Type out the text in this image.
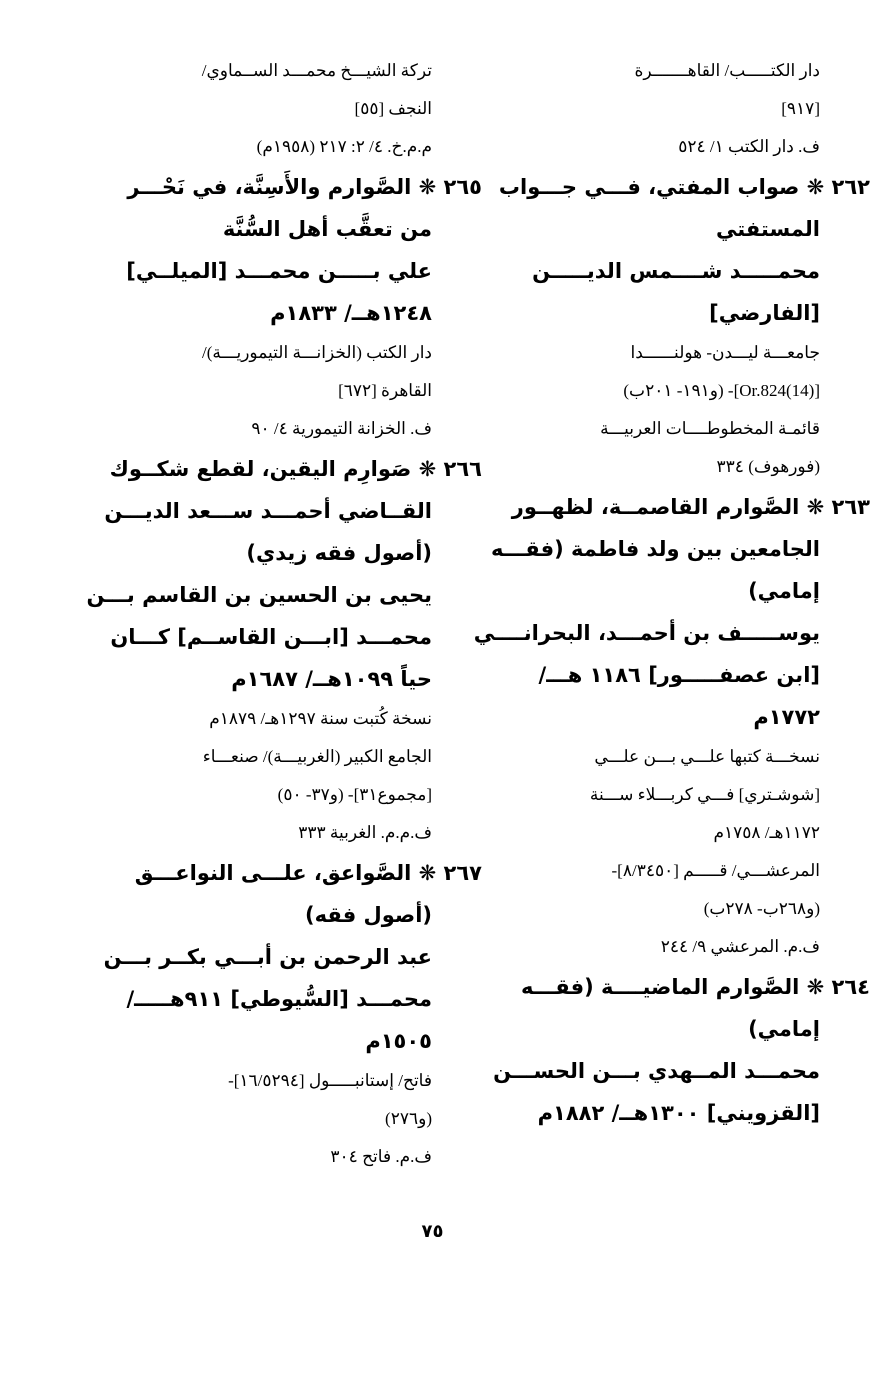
دار الكتـــــب/ القاهـــــــرة
[٩١٧]
ف. دار الكتب ١/ ٥٢٤
٢٦٢ ❋ صواب المفتي، فـــي جـــواب
المستفتي
محمـــــد شــــمس الديـــــن
[الفارضي]
جامعـــة ليـــدن- هولنــــــدا
[Or.824(14)]- (و١٩١- ٢٠١ب)
قائمـة المخطوطــــات العربيـــة
(فورهوف) ٣٣٤
٢٦٣ ❋ الصَّوارم القاصمــة، لظهــور
الجامعين بين ولد فاطمة (فقـــه
إمامي)
يوســـــف بن أحمـــد، البحرانــــي
[ابن عصفـــــور] ١١٨٦ هـــ/
١٧٧٢م
نسخـــة كتبها علـــي بـــن علـــي
[شوشـتري] فـــي كربـــلاء ســـنة
١١٧٢هـ/ ١٧٥٨م
المرعشـــي/ قـــــم [٨/٣٤٥٠]-
(و٢٦٨ب- ٢٧٨ب)
ف.م. المرعشي ٩/ ٢٤٤
٢٦٤ ❋ الصَّوارم الماضيــــة (فقـــه
إمامي)
محمـــد المــهدي بـــن الحســـن
[القزويني] ١٣٠٠هــ/ ١٨٨٢م
تركة الشيـــخ محمـــد الســماوي/
النجف [٥٥]
م.م.خ. ٤/ ٢: ٢١٧ (١٩٥٨م)
٢٦٥ ❋ الصَّوارم والأَسِنَّة، في نَحْـــر
من تعقَّب أهل السُّنَّة
علي بـــــن محمـــد [الميلــي]
١٢٤٨هــ/ ١٨٣٣م
دار الكتب (الخزانـــة التيموريـــة)/
القاهرة [٦٧٢]
ف. الخزانة التيمورية ٤/ ٩٠
٢٦٦ ❋ صَوارِم اليقين، لقطع شكــوك
القــاضي أحمـــد ســـعد الديـــن
(أصول فقه زيدي)
يحيى بن الحسين بن القاسم بـــن
محمـــد [ابـــن القاســم] كـــان
حياً ١٠٩٩هــ/ ١٦٨٧م
نسخة كُتبت سنة ١٢٩٧هـ/ ١٨٧٩م
الجامع الكبير (الغربيـــة)/ صنعـــاء
[مجموع٣١]- (و٣٧- ٥٠)
ف.م.م. الغربية ٣٣٣
٢٦٧ ❋ الصَّواعق، علـــى النواعـــق
(أصول فقه)
عبد الرحمن بن أبـــي بكــر بـــن
محمـــد [السُّيوطي] ٩١١هـــــ/
١٥٠٥م
فاتح/ إستانبـــــول [١٦/٥٢٩٤]-
(و٢٧٦)
ف.م. فاتح ٣٠٤
٧٥
